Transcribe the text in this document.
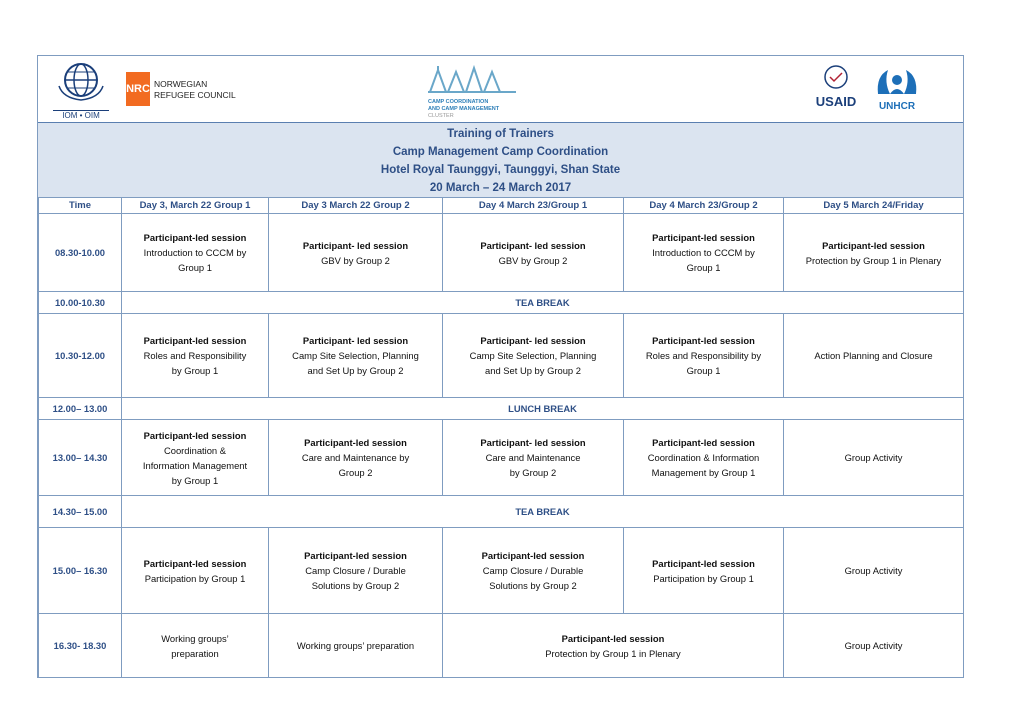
IOM • OIM
NRC NORWEGIAN
REFUGEE COUNCIL
CAMP COORDINATION
AND CAMP MANAGEMENT
CLUSTER
USAID	UNHCR
Training of Trainers
Camp Management Camp Coordination
Hotel Royal Taunggyi, Taunggyi, Shan State
20 March – 24 March 2017
Time	Day 3, March 22 Group 1	Day 3 March 22 Group 2	Day 4 March 23/Group 1	Day 4 March 23/Group 2	Day 5 March 24/Friday
08.30-10.00	Participant-led session
Introduction to CCCM by
Group 1	Participant- led session
GBV by Group 2	Participant- led session
GBV by Group 2	Participant-led session
Introduction to CCCM by
Group 1	Participant-led session
Protection by Group 1 in Plenary

10.00-10.30	TEA BREAK				
10.30-12.00	Participant-led session
Roles and Responsibility
by Group 1	Participant- led session
Camp Site Selection, Planning
and Set Up by Group 2	Participant- led session
Camp Site Selection, Planning
and Set Up by Group 2	Participant-led session
Roles and Responsibility by
Group 1	Action Planning and Closure

12.00– 13.00	LUNCH BREAK				
13.00– 14.30	Participant-led session
Coordination &
Information Management
by Group 1	Participant-led session
Care and Maintenance by
Group 2	Participant- led session
Care and Maintenance
by Group 2	Participant-led session
Coordination & Information
Management by Group 1	Group Activity

14.30– 15.00	TEA BREAK				
15.00– 16.30	Participant-led session
Participation by Group 1	Participant-led session
Camp Closure / Durable
Solutions by Group 2	Participant-led session
Camp Closure / Durable
Solutions by Group 2	Participant-led session
Participation by Group 1	Group Activity

16.30- 18.30	Working groups’
preparation	Working groups’ preparation	Participant-led session
Protection by Group 1 in Plenary		Group Activity
